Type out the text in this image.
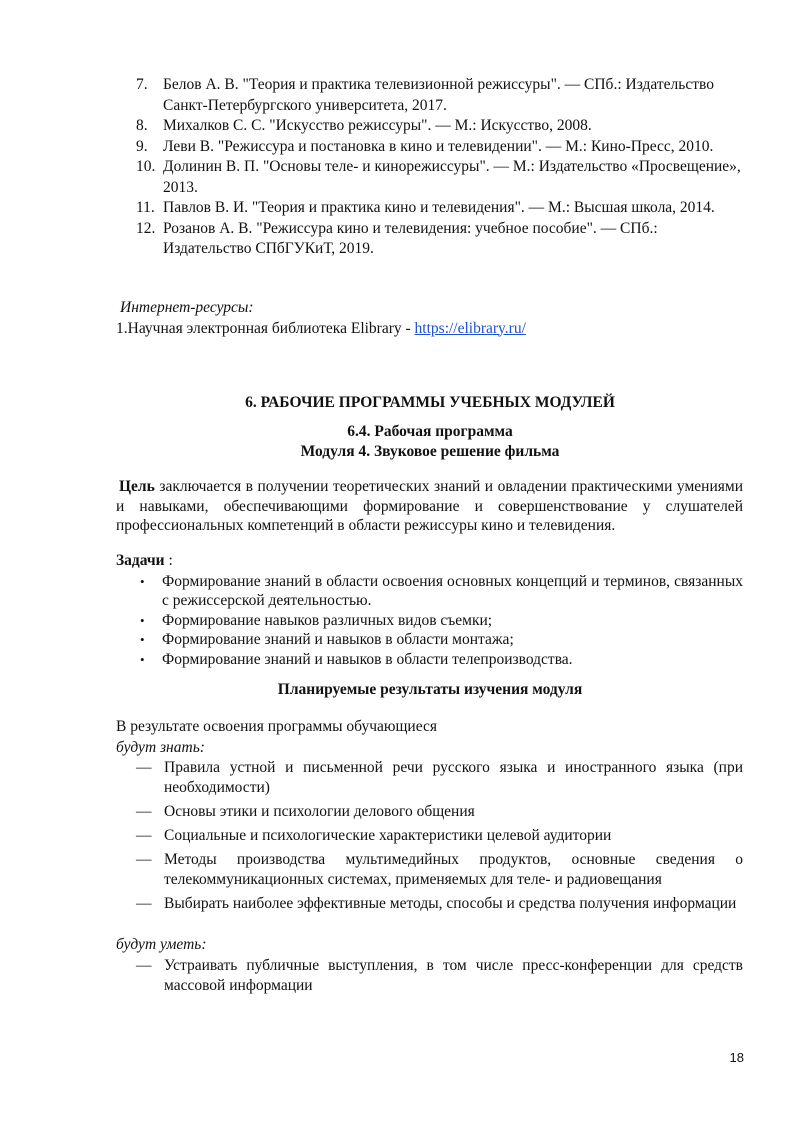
7. Белов А. В. "Теория и практика телевизионной режиссуры". — СПб.: Издательство Санкт-Петербургского университета, 2017.
8. Михалков С. С. "Искусство режиссуры". — М.: Искусство, 2008.
9. Леви В. "Режиссура и постановка в кино и телевидении". — М.: Кино-Пресс, 2010.
10. Долинин В. П. "Основы теле- и кинорежиссуры". — М.: Издательство «Просвещение», 2013.
11. Павлов В. И. "Теория и практика кино и телевидения". — М.: Высшая школа, 2014.
12. Розанов А. В. "Режиссура кино и телевидения: учебное пособие". — СПб.: Издательство СПбГУКиТ, 2019.
Интернет-ресурсы:
1.Научная электронная библиотека Elibrary - https://elibrary.ru/
6. РАБОЧИЕ ПРОГРАММЫ УЧЕБНЫХ МОДУЛЕЙ
6.4. Рабочая программа
Модуля 4. Звуковое решение фильма
Цель заключается в получении теоретических знаний и овладении практическими умениями и навыками, обеспечивающими формирование и совершенствование у слушателей профессиональных компетенций в области режиссуры кино и телевидения.
Задачи :
• Формирование знаний в области освоения основных концепций и терминов, связанных с режиссерской деятельностью.
• Формирование навыков различных видов съемки;
• Формирование знаний и навыков в области монтажа;
• Формирование знаний и навыков в области телепроизводства.
Планируемые результаты изучения модуля
В результате освоения программы обучающиеся
будут знать:
— Правила устной и письменной речи русского языка и иностранного языка (при необходимости)
— Основы этики и психологии делового общения
— Социальные и психологические характеристики целевой аудитории
— Методы производства мультимедийных продуктов, основные сведения о телекоммуникационных системах, применяемых для теле- и радиовещания
— Выбирать наиболее эффективные методы, способы и средства получения информации
будут уметь:
— Устраивать публичные выступления, в том числе пресс-конференции для средств массовой информации
18
